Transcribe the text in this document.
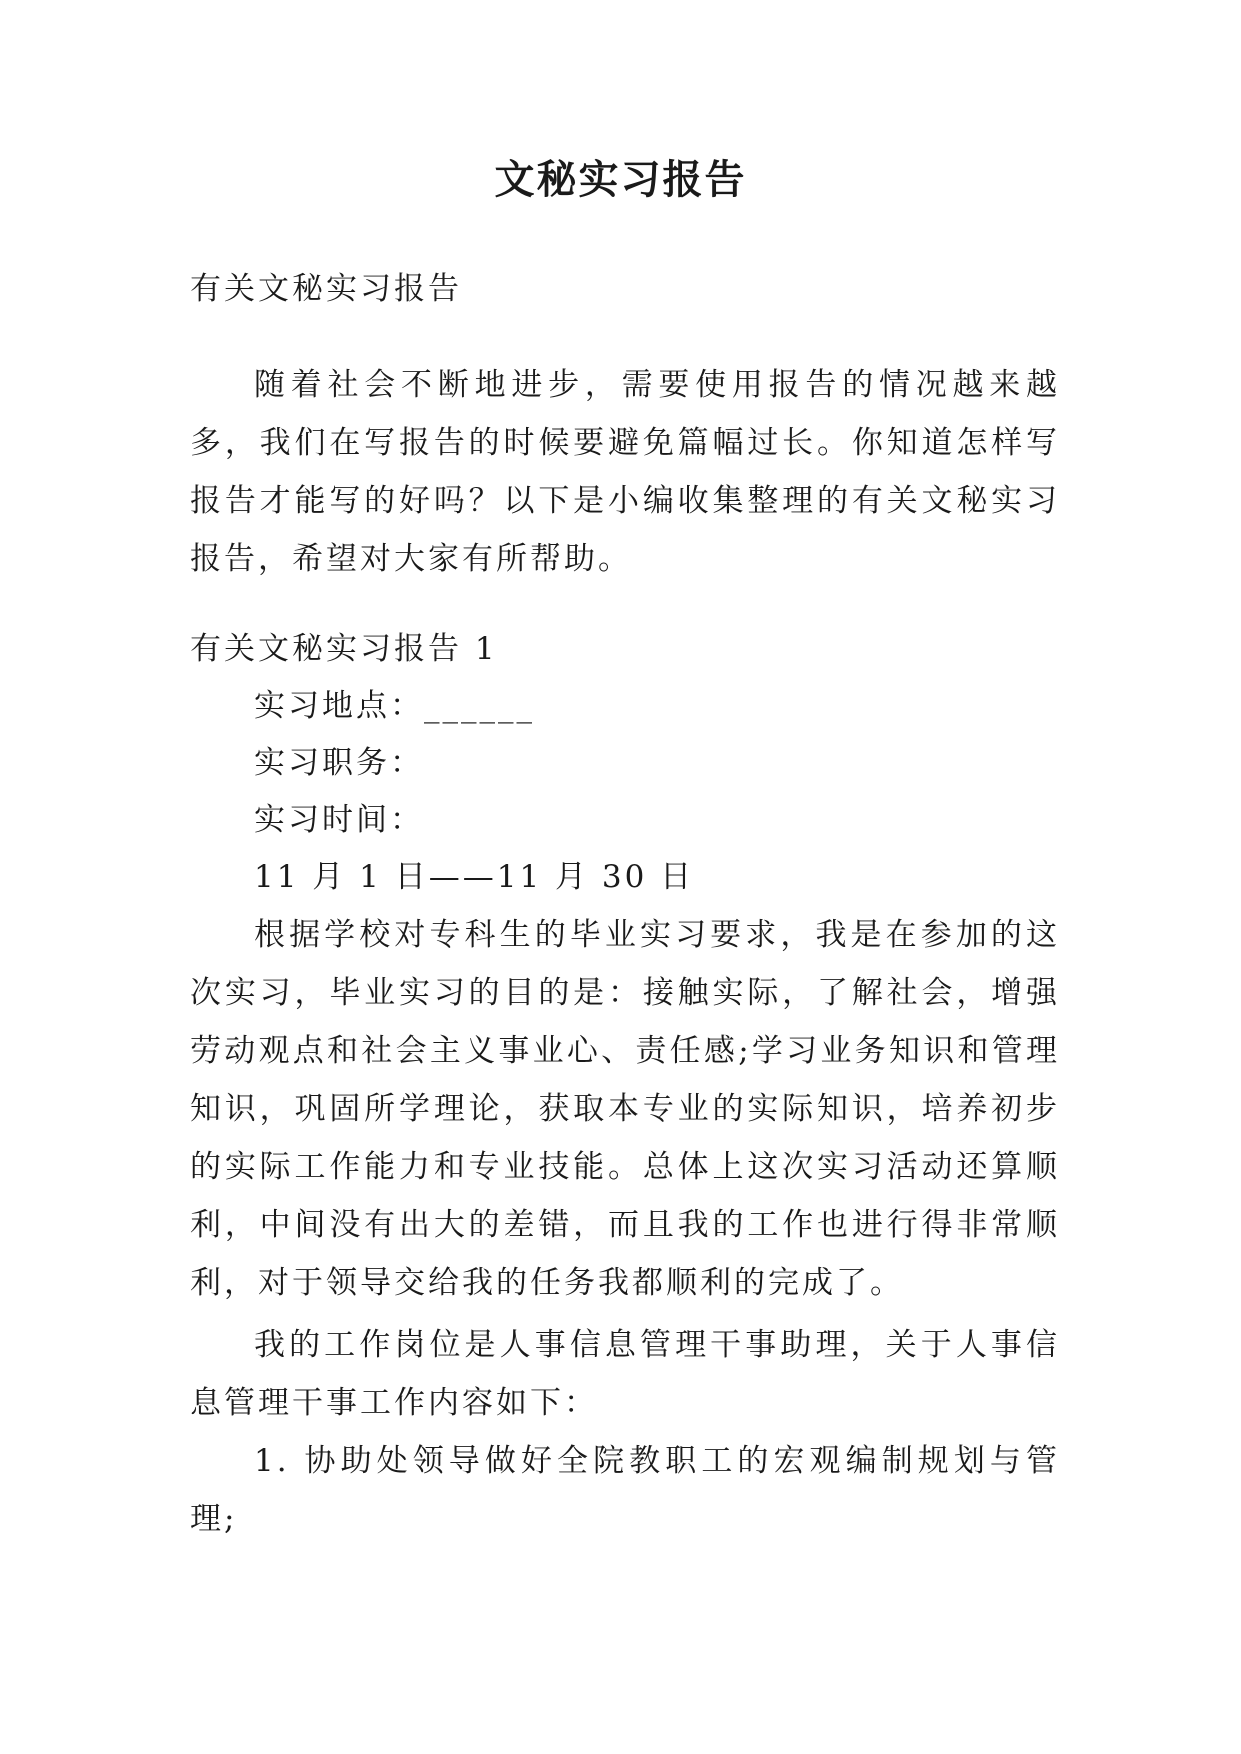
文秘实习报告

有关文秘实习报告

随着社会不断地进步，需要使用报告的情况越来越多，我们在写报告的时候要避免篇幅过长。你知道怎样写报告才能写的好吗？以下是小编收集整理的有关文秘实习报告，希望对大家有所帮助。

有关文秘实习报告 1

实习地点：______

实习职务：

实习时间：

11 月 1 日——11 月 30 日

根据学校对专科生的毕业实习要求，我是在参加的这次实习，毕业实习的目的是：接触实际，了解社会，增强劳动观点和社会主义事业心、责任感;学习业务知识和管理知识，巩固所学理论，获取本专业的实际知识，培养初步的实际工作能力和专业技能。总体上这次实习活动还算顺利，中间没有出大的差错，而且我的工作也进行得非常顺利，对于领导交给我的任务我都顺利的完成了。

我的工作岗位是人事信息管理干事助理，关于人事信息管理干事工作内容如下：

1. 协助处领导做好全院教职工的宏观编制规划与管理;
